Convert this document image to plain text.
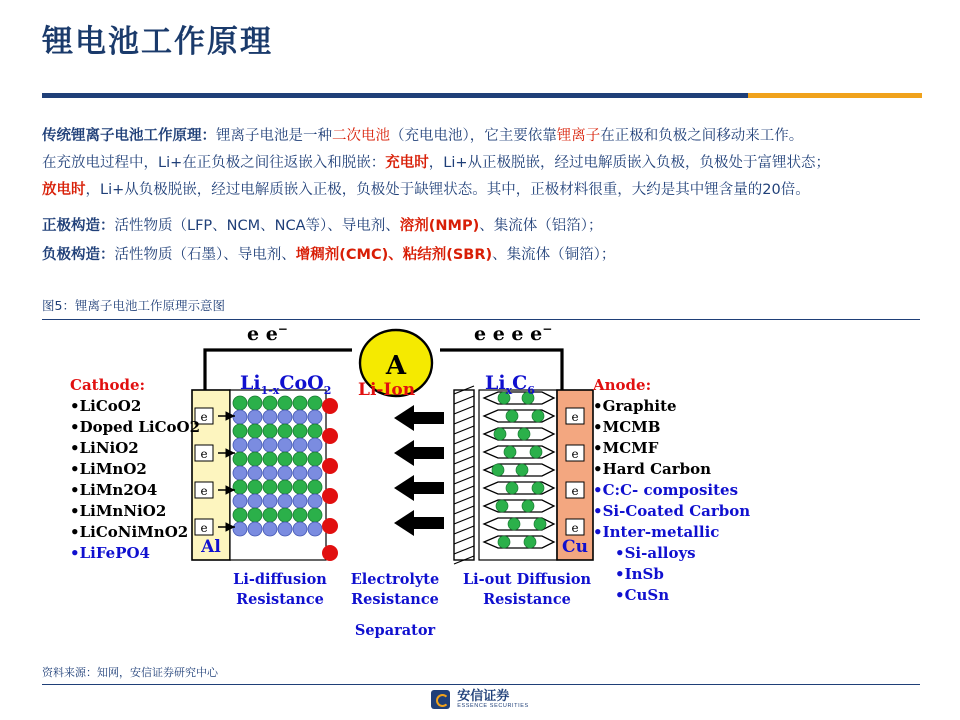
锂电池工作原理

传统锂离子电池工作原理：锂离子电池是一种二次电池（充电电池），它主要依靠锂离子在正极和负极之间移动来工作。

在充放电过程中，Li+在正负极之间往返嵌入和脱嵌：充电时，Li+从正极脱嵌，经过电解质嵌入负极，负极处于富锂状态；

放电时，Li+从负极脱嵌，经过电解质嵌入正极，负极处于缺锂状态。其中，正极材料很重，大约是其中锂含量的20倍。

正极构造：活性物质（LFP、NCM、NCA等）、导电剂、溶剂(NMP)、集流体（铝箔）；

负极构造：活性物质（石墨）、导电剂、增稠剂(CMC)、粘结剂(SBR)、集流体（铜箔）；

图5：锂离子电池工作原理示意图
A
e e−	e e e e−
Al
e
e
e
e
Cu
e
e
e
e
$Li_{1-x}CoO_2$	$Li_xC_6$
Li-Ion
Cathode:
•LiCoO2
•Doped LiCoO2
•LiNiO2
•LiMnO2
•LiMn2O4
•LiMnNiO2
•LiCoNiMnO2
•LiFePO4
Anode:
•Graphite
•MCMB
•MCMF
•Hard Carbon
•C:C- composites
•Si-Coated Carbon
•Inter-metallic
•Si-alloys
•InSb
•CuSn
Li-diffusion
Resistance
Electrolyte
Resistance
Li-out Diffusion
Resistance
Separator
资料来源：知网，安信证券研究中心
安信证券
ESSENCE SECURITIES
